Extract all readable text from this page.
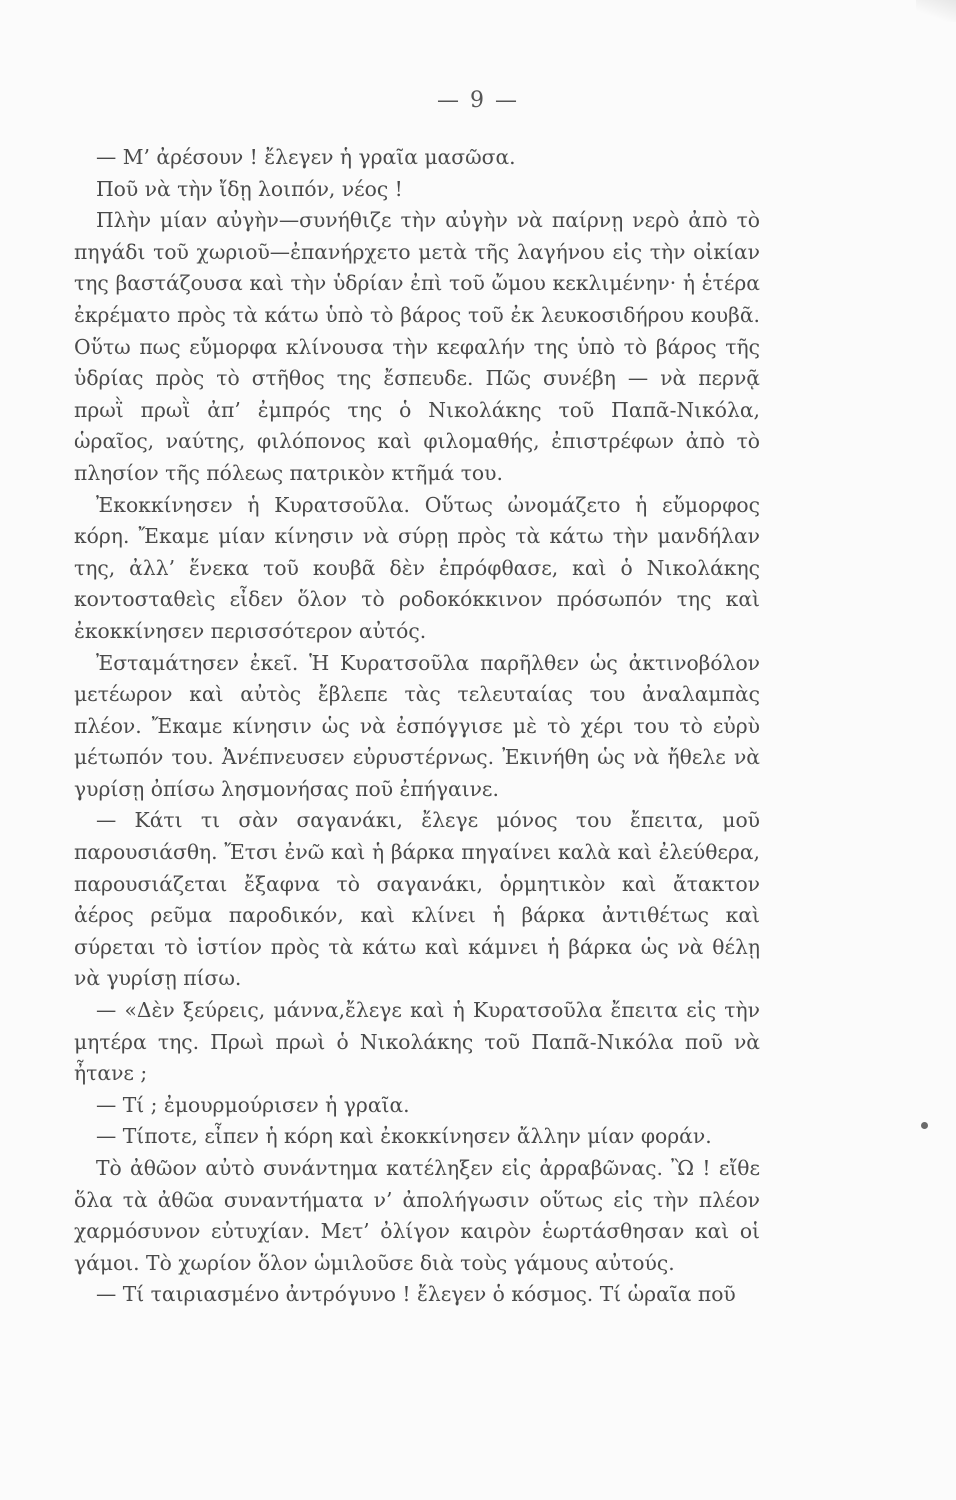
— 9 —

— Μ’ ἀρέσουν ! ἔλεγεν ἡ γραῖα μασῶσα.

Ποῦ νὰ τὴν ἴδῃ λοιπόν, νέος !

Πλὴν μίαν αὐγὴν—συνήθιζε τὴν αὐγὴν νὰ παίρνῃ νερὸ ἀπὸ τὸ πηγάδι τοῦ χωριοῦ—ἐπανήρχετο μετὰ τῆς λαγήνου εἰς τὴν οἰκίαν της βαστάζουσα καὶ τὴν ὑδρίαν ἐπὶ τοῦ ὤμου κεκλιμένην· ἡ ἑτέρα ἐκρέματο πρὸς τὰ κάτω ὑπὸ τὸ βάρος τοῦ ἐκ λευκοσιδήρου κουβᾶ. Οὕτω πως εὔμορφα κλίνουσα τὴν κεφαλήν της ὑπὸ τὸ βάρος τῆς ὑδρίας πρὸς τὸ στῆθος της ἔσπευδε. Πῶς συνέβη — νὰ περνᾷ πρωῒ πρωῒ ἀπ’ ἐμπρός της ὁ Νικολάκης τοῦ Παπᾶ-Νικόλα, ὡραῖος, ναύτης, φιλόπονος καὶ φιλομαθής, ἐπιστρέφων ἀπὸ τὸ πλησίον τῆς πόλεως πατρικὸν κτῆμά του.

Ἐκοκκίνησεν ἡ Κυρατσοῦλα. Οὕτως ὠνομάζετο ἡ εὔμορφος κόρη. Ἔκαμε μίαν κίνησιν νὰ σύρῃ πρὸς τὰ κάτω τὴν μανδήλαν της, ἀλλ’ ἕνεκα τοῦ κουβᾶ δὲν ἐπρόφθασε, καὶ ὁ Νικολάκης κοντοσταθεὶς εἶδεν ὅλον τὸ ροδοκόκκινον πρόσωπόν της καὶ ἐκοκκίνησεν περισσότερον αὐτός.

Ἐσταμάτησεν ἐκεῖ. Ἡ Κυρατσοῦλα παρῆλθεν ὡς ἀκτινοβόλον μετέωρον καὶ αὐτὸς ἔβλεπε τὰς τελευταίας του ἀναλαμπὰς πλέον. Ἔκαμε κίνησιν ὡς νὰ ἐσπόγγισε μὲ τὸ χέρι του τὸ εὐρὺ μέτωπόν του. Ἀνέπνευσεν εὐρυστέρνως. Ἐκινήθη ὡς νὰ ἤθελε νὰ γυρίσῃ ὀπίσω λησμονήσας ποῦ ἐπήγαινε.

— Κάτι τι σὰν σαγανάκι, ἔλεγε μόνος του ἔπειτα, μοῦ παρουσιάσθη. Ἔτσι ἐνῶ καὶ ἡ βάρκα πηγαίνει καλὰ καὶ ἐλεύθερα, παρουσιάζεται ἔξαφνα τὸ σαγανάκι, ὁρμητικὸν καὶ ἄτακτον ἀέρος ρεῦμα παροδικόν, καὶ κλίνει ἡ βάρκα ἀντιθέτως καὶ σύρεται τὸ ἱστίον πρὸς τὰ κάτω καὶ κάμνει ἡ βάρκα ὡς νὰ θέλῃ νὰ γυρίσῃ πίσω.

— «Δὲν ξεύρεις, μάννα,ἔλεγε καὶ ἡ Κυρατσοῦλα ἔπειτα εἰς τὴν μητέρα της. Πρωὶ πρωὶ ὁ Νικολάκης τοῦ Παπᾶ-Νικόλα ποῦ νὰ ἦτανε ;

— Τί ; ἐμουρμούρισεν ἡ γραῖα.

— Τίποτε, εἶπεν ἡ κόρη καὶ ἐκοκκίνησεν ἄλλην μίαν φοράν.

Τὸ ἀθῶον αὐτὸ συνάντημα κατέληξεν εἰς ἀρραβῶνας. Ὢ ! εἴθε ὅλα τὰ ἀθῶα συναντήματα ν’ ἀπολήγωσιν οὕτως εἰς τὴν πλέον χαρμόσυνον εὐτυχίαν. Μετ’ ὀλίγον καιρὸν ἑωρτάσθησαν καὶ οἱ γάμοι. Τὸ χωρίον ὅλον ὡμιλοῦσε διὰ τοὺς γάμους αὐτούς.

— Τί ταιριασμένο ἀντρόγυνο ! ἔλεγεν ὁ κόσμος. Τί ὡραῖα ποῦ
